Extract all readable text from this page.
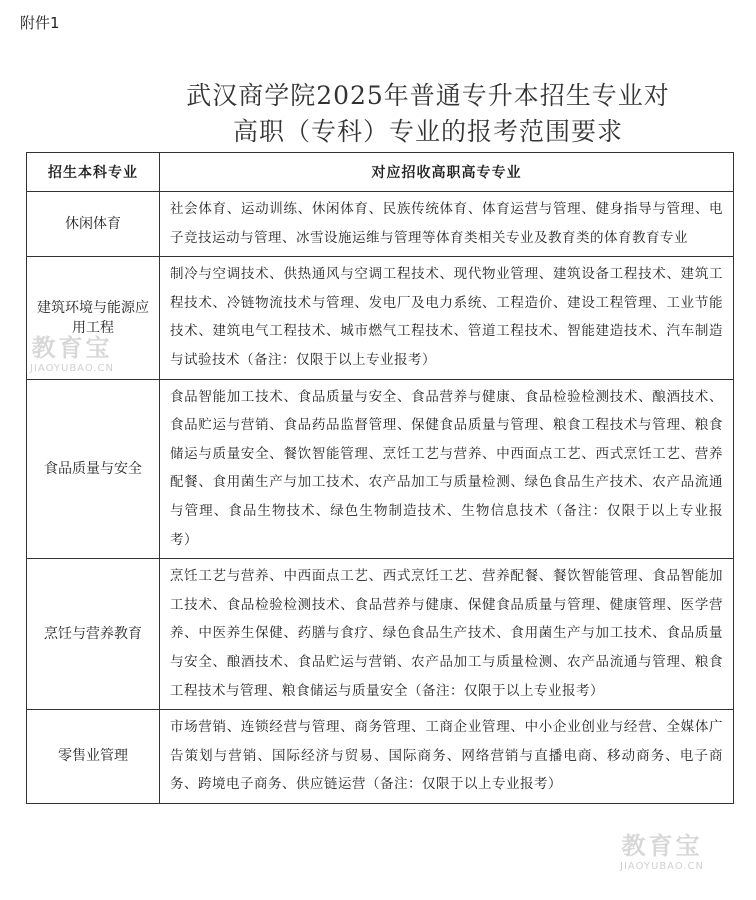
附件1
武汉商学院2025年普通专升本招生专业对
高职（专科）专业的报考范围要求
招生本科专业	对应招收高职高专专业
休闲体育	社会体育、运动训练、休闲体育、民族传统体育、体育运营与管理、健身指导与管理、电子竞技运动与管理、冰雪设施运维与管理等体育类相关专业及教育类的体育教育专业
建筑环境与能源应用工程	制冷与空调技术、供热通风与空调工程技术、现代物业管理、建筑设备工程技术、建筑工程技术、冷链物流技术与管理、发电厂及电力系统、工程造价、建设工程管理、工业节能技术、建筑电气工程技术、城市燃气工程技术、管道工程技术、智能建造技术、汽车制造与试验技术（备注：仅限于以上专业报考）
食品质量与安全	食品智能加工技术、食品质量与安全、食品营养与健康、食品检验检测技术、酿酒技术、食品贮运与营销、食品药品监督管理、保健食品质量与管理、粮食工程技术与管理、粮食储运与质量安全、餐饮智能管理、烹饪工艺与营养、中西面点工艺、西式烹饪工艺、营养配餐、食用菌生产与加工技术、农产品加工与质量检测、绿色食品生产技术、农产品流通与管理、食品生物技术、绿色生物制造技术、生物信息技术（备注：仅限于以上专业报考）
烹饪与营养教育	烹饪工艺与营养、中西面点工艺、西式烹饪工艺、营养配餐、餐饮智能管理、食品智能加工技术、食品检验检测技术、食品营养与健康、保健食品质量与管理、健康管理、医学营养、中医养生保健、药膳与食疗、绿色食品生产技术、食用菌生产与加工技术、食品质量与安全、酿酒技术、食品贮运与营销、农产品加工与质量检测、农产品流通与管理、粮食工程技术与管理、粮食储运与质量安全（备注：仅限于以上专业报考）
零售业管理	市场营销、连锁经营与管理、商务管理、工商企业管理、中小企业创业与经营、全媒体广告策划与营销、国际经济与贸易、国际商务、网络营销与直播电商、移动商务、电子商务、跨境电子商务、供应链运营（备注：仅限于以上专业报考）
教育宝
JIAOYUBAO.CN
教育宝
JIAOYUBAO.CN
